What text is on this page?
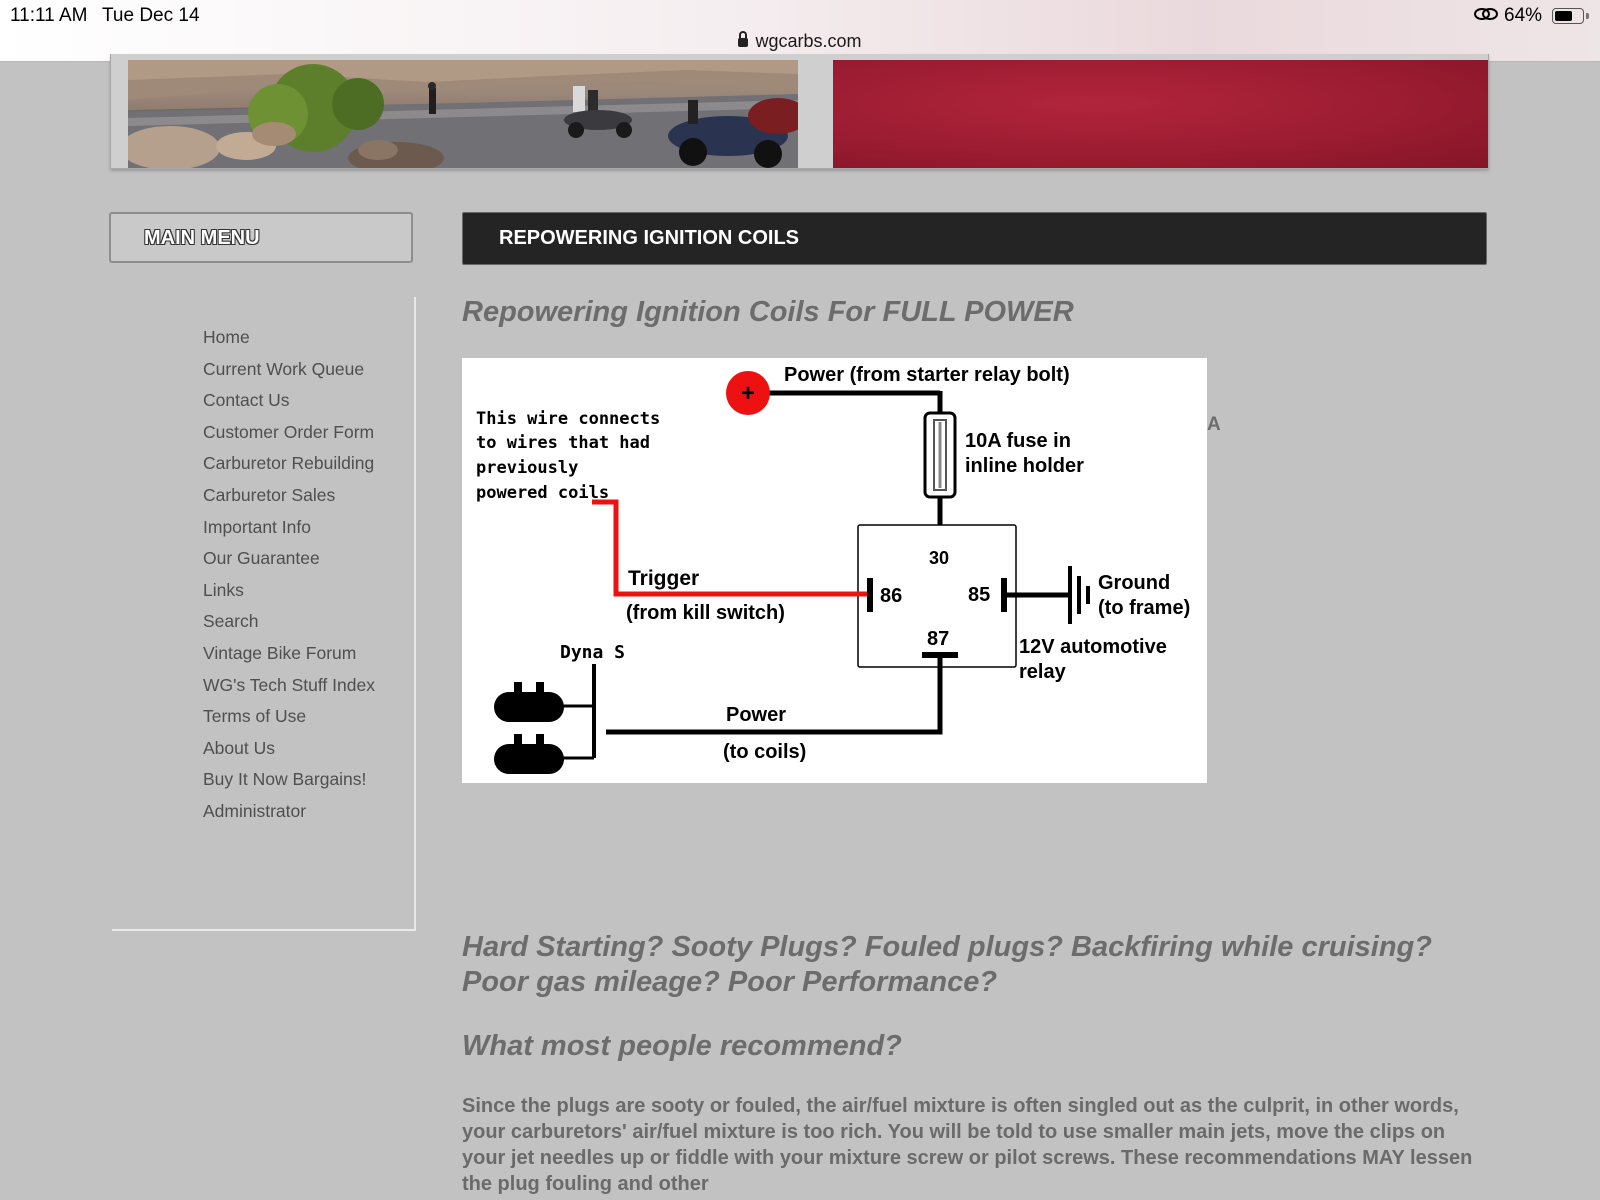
11:11 AM Tue Dec 14
wgcarbs.com
64%
MAIN MENU
Home
Current Work Queue
Contact Us
Customer Order Form
Carburetor Rebuilding
Carburetor Sales
Important Info
Our Guarantee
Links
Search
Vintage Bike Forum
WG's Tech Stuff Index
Terms of Use
About Us
Buy It Now Bargains!
Administrator
REPOWERING IGNITION COILS
Repowering Ignition Coils For FULL POWER
+
Power (from starter relay bolt)
10A fuse in
inline holder
This wire connects
to wires that had
previously
powered coils
Trigger
(from kill switch)
30
86	85
87
Ground
(to frame)
12V automotive
relay
Dyna S
Power
(to coils)
A
Hard Starting? Sooty Plugs? Fouled plugs? Backfiring while cruising? Poor gas mileage? Poor Performance?
What most people recommend?

Since the plugs are sooty or fouled, the air/fuel mixture is often singled out as the culprit, in other words, your carburetors' air/fuel mixture is too rich. You will be told to use smaller main jets, move the clips on your jet needles up or fiddle with your mixture screw or pilot screws. These recommendations MAY lessen the plug fouling and other
